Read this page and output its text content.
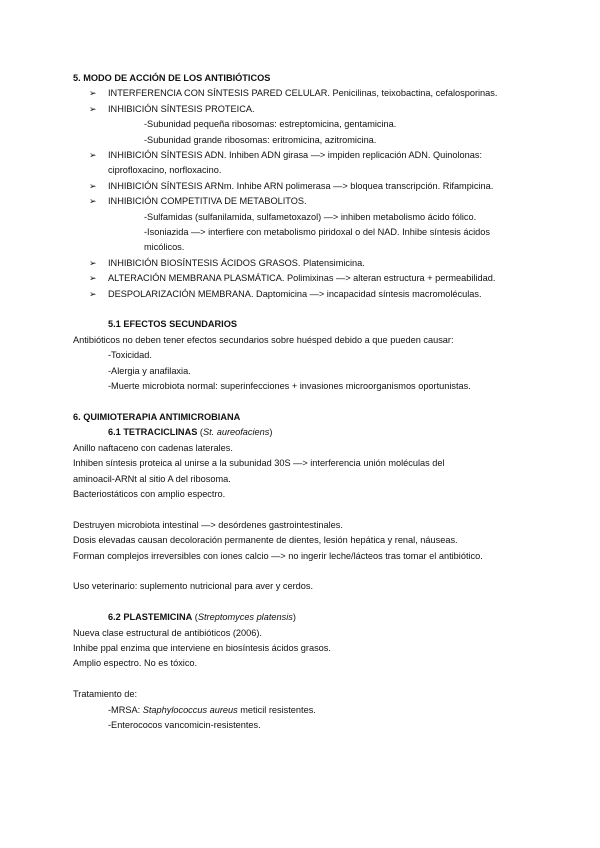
5. MODO DE ACCIÓN DE LOS ANTIBIÓTICOS
➢ INTERFERENCIA CON SÍNTESIS PARED CELULAR. Penicilinas, teixobactina, cefalosporinas.
➢ INHIBICIÓN SÍNTESIS PROTEICA.
-Subunidad pequeña ribosomas: estreptomicina, gentamicina.
-Subunidad grande ribosomas: eritromicina, azitromicina.
➢ INHIBICIÓN SÍNTESIS ADN. Inhiben ADN girasa —> impiden replicación ADN. Quinolonas:
ciprofloxacino, norfloxacino.
➢ INHIBICIÓN SÍNTESIS ARNm. Inhibe ARN polimerasa —> bloquea transcripción. Rifampicina.
➢ INHIBICIÓN COMPETITIVA DE METABOLITOS.
-Sulfamidas (sulfanilamida, sulfametoxazol) —> inhiben metabolismo ácido fólico.
-Isoniazida —> interfiere con metabolismo piridoxal o del NAD. Inhibe síntesis ácidos
micólicos.
➢ INHIBICIÓN BIOSÍNTESIS ÁCIDOS GRASOS. Platensimicina.
➢ ALTERACIÓN MEMBRANA PLASMÁTICA. Polimixinas —> alteran estructura + permeabilidad.
➢ DESPOLARIZACIÓN MEMBRANA. Daptomicina —> incapacidad síntesis macromoléculas.
5.1 EFECTOS SECUNDARIOS
Antibióticos no deben tener efectos secundarios sobre huésped debido a que pueden causar:
-Toxicidad.
-Alergia y anafilaxia.
-Muerte microbiota normal: superinfecciones + invasiones microorganismos oportunistas.
6. QUIMIOTERAPIA ANTIMICROBIANA
6.1 TETRACICLINAS (St. aureofaciens)
Anillo naftaceno con cadenas laterales.
Inhiben síntesis proteica al unirse a la subunidad 30S —> interferencia unión moléculas del
aminoacil-ARNt al sitio A del ribosoma.
Bacteriostáticos con amplio espectro.
Destruyen microbiota intestinal —> desórdenes gastrointestinales.
Dosis elevadas causan decoloración permanente de dientes, lesión hepática y renal, náuseas.
Forman complejos irreversibles con iones calcio —> no ingerir leche/lácteos tras tomar el antibiótico.
Uso veterinario: suplemento nutricional para aver y cerdos.
6.2 PLASTEMICINA (Streptomyces platensis)
Nueva clase estructural de antibióticos (2006).
Inhibe ppal enzima que interviene en biosíntesis ácidos grasos.
Amplio espectro. No es tóxico.
Tratamiento de:
-MRSA: Staphylococcus aureus meticil resistentes.
-Enterococos vancomicin-resistentes.
